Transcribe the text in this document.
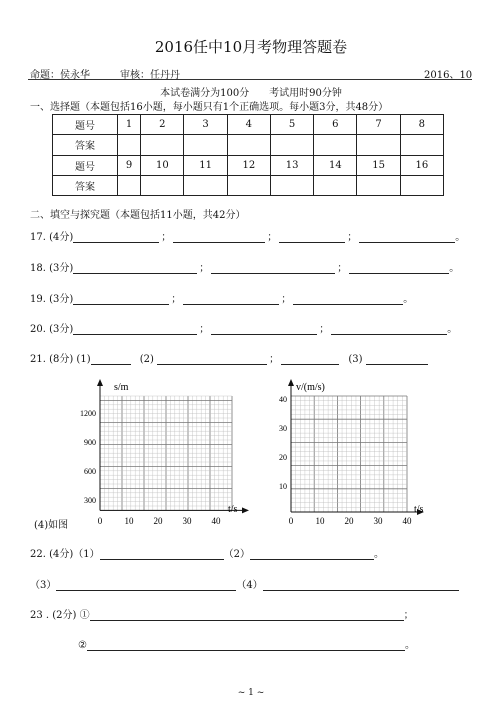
2016任中10月考物理答题卷
命题：侯永华	审核：任丹丹	2016、10
本试卷满分为100分　　考试用时90分钟
一、选择题（本题包括16小题，每小题只有1个正确选项。每小题3分，共48分）
题号	1	2	3	4	5	6	7	8
答案								
题号	9	10	11	12	13	14	15	16
答案								
二、填空与探究题（本题包括11小题，共42分）
17. (4分)	；	；	；	。
18. (3分)	；	；	。
19. (3分)	；	；	。
20. (3分)	；	；	。
21. (8分) (1)	(2)	；	(3)
s/m
t/s
300
600
900
1200
0 10 20 30 40
v/(m/s)
t/s
10
20
30
40
0 10 20 30 40
(4)如图
22. (4分)（1）	（2）	。
（3）	（4）
23 . (2分) ①	；
②	。
~ 1 ~
